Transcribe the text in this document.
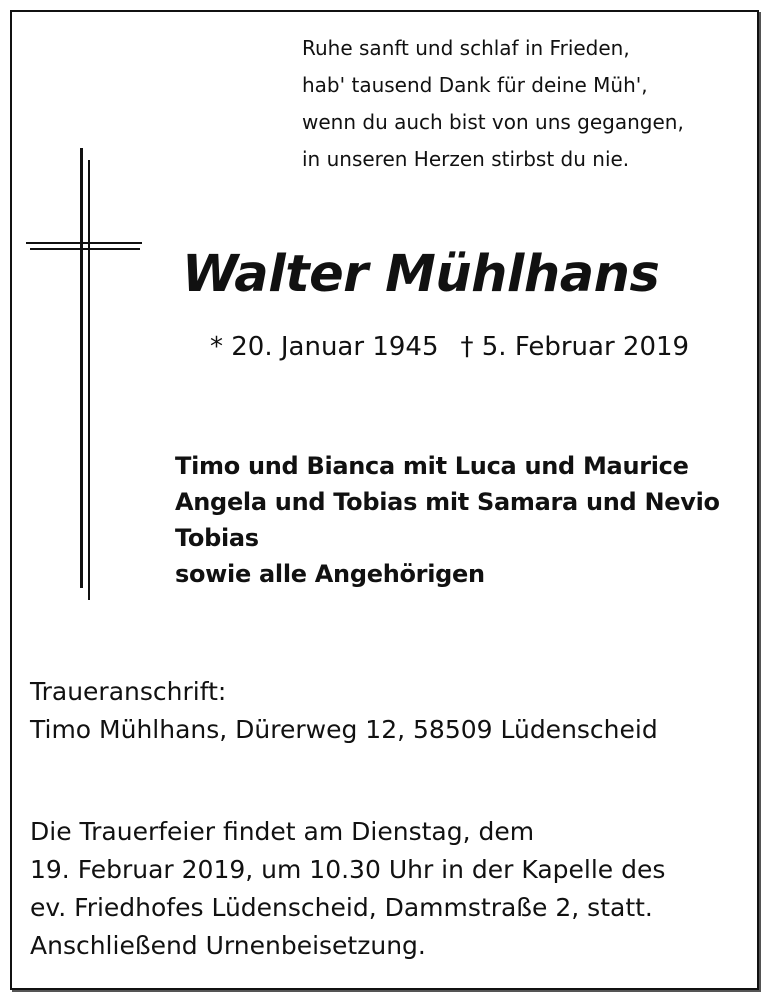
Ruhe sanft und schlaf in Frieden,
hab' tausend Dank für deine Müh',
wenn du auch bist von uns gegangen,
in unseren Herzen stirbst du nie.
Walter Mühlhans
* 20. Januar 1945 † 5. Februar 2019
Timo und Bianca mit Luca und Maurice
Angela und Tobias mit Samara und Nevio
Tobias
sowie alle Angehörigen
Traueranschrift:
Timo Mühlhans, Dürerweg 12, 58509 Lüdenscheid
Die Trauerfeier findet am Dienstag, dem
19. Februar 2019, um 10.30 Uhr in der Kapelle des
ev. Friedhofes Lüdenscheid, Dammstraße 2, statt.
Anschließend Urnenbeisetzung.
